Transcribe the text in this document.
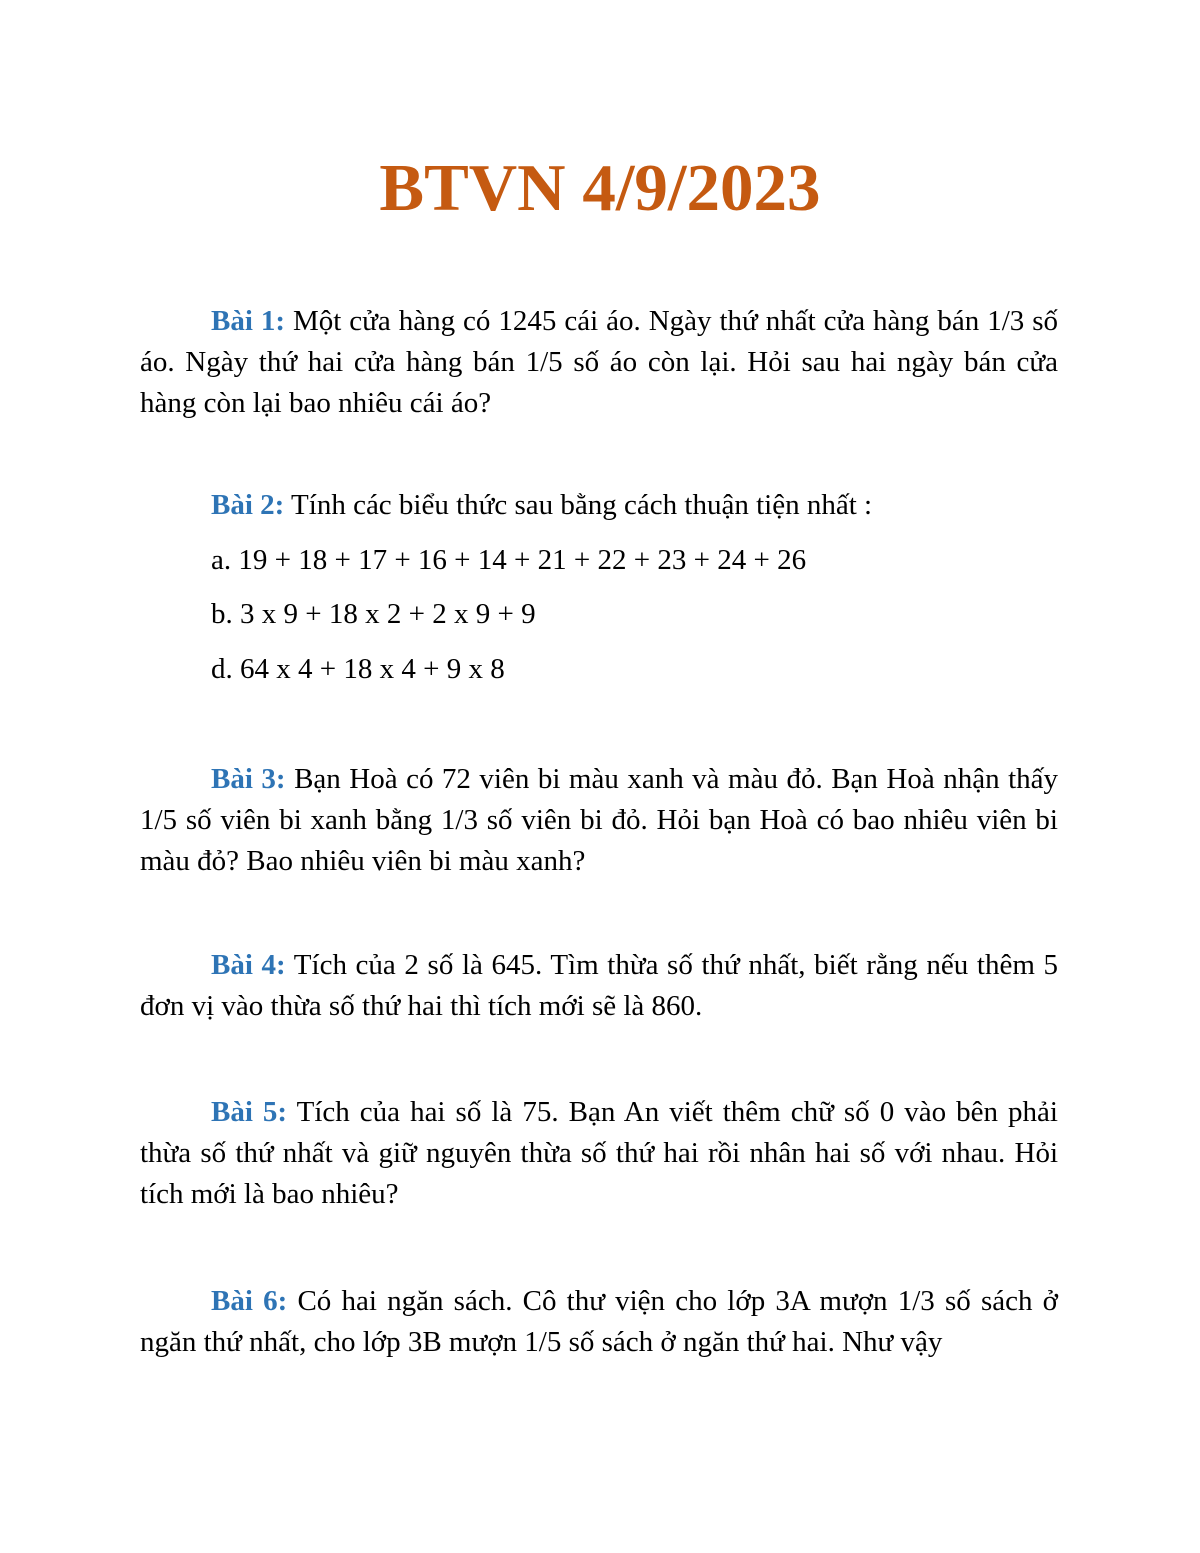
BTVN 4/9/2023

Bài 1: Một cửa hàng có 1245 cái áo. Ngày thứ nhất cửa hàng bán 1/3 số áo. Ngày thứ hai cửa hàng bán 1/5 số áo còn lại. Hỏi sau hai ngày bán cửa hàng còn lại bao nhiêu cái áo?

Bài 2: Tính các biểu thức sau bằng cách thuận tiện nhất :

a. 19 + 18 + 17 + 16 + 14 + 21 + 22 + 23 + 24 + 26

b. 3 x 9 + 18 x 2 + 2 x 9 + 9

d. 64 x 4 + 18 x 4 + 9 x 8

Bài 3: Bạn Hoà có 72 viên bi màu xanh và màu đỏ. Bạn Hoà nhận thấy 1/5 số viên bi xanh bằng 1/3 số viên bi đỏ. Hỏi bạn Hoà có bao nhiêu viên bi màu đỏ? Bao nhiêu viên bi màu xanh?

Bài 4: Tích của 2 số là 645. Tìm thừa số thứ nhất, biết rằng nếu thêm 5 đơn vị vào thừa số thứ hai thì tích mới sẽ là 860.

Bài 5: Tích của hai số là 75. Bạn An viết thêm chữ số 0 vào bên phải thừa số thứ nhất và giữ nguyên thừa số thứ hai rồi nhân hai số với nhau. Hỏi tích mới là bao nhiêu?

Bài 6: Có hai ngăn sách. Cô thư viện cho lớp 3A mượn 1/3 số sách ở ngăn thứ nhất, cho lớp 3B mượn 1/5 số sách ở ngăn thứ hai. Như vậy
